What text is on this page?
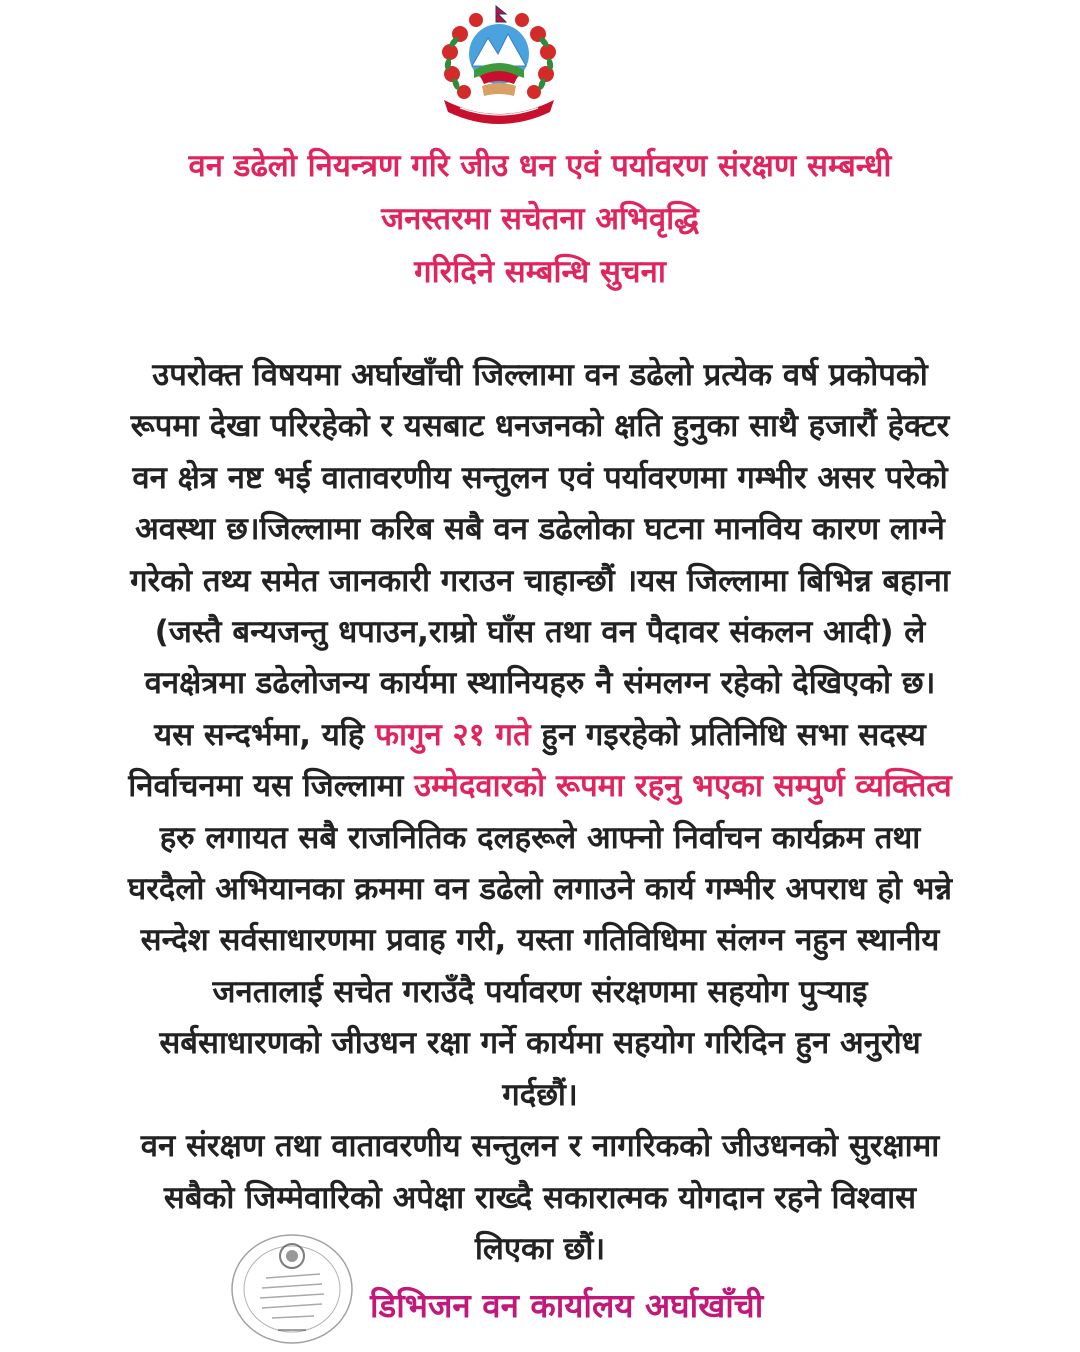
वन डढेलो नियन्त्रण गरि जीउ धन एवं पर्यावरण संरक्षण सम्बन्धी
जनस्तरमा सचेतना अभिवृद्धि
गरिदिने सम्बन्धि सुचना
उपरोक्त विषयमा अर्घाखाँची जिल्लामा वन डढेलो प्रत्येक वर्ष प्रकोपको
रूपमा देखा परिरहेको र यसबाट धनजनको क्षति हुनुका साथै हजारौं हेक्टर
वन क्षेत्र नष्ट भई वातावरणीय सन्तुलन एवं पर्यावरणमा गम्भीर असर परेको
अवस्था छ।जिल्लामा करिब सबै वन डढेलोका घटना मानविय कारण लाग्ने
गरेको तथ्य समेत जानकारी गराउन चाहान्छौं ।यस जिल्लामा बिभिन्न बहाना
(जस्तै बन्यजन्तु धपाउन,राम्रो घाँस तथा वन पैदावर संकलन आदी) ले
वनक्षेत्रमा डढेलोजन्य कार्यमा स्थानियहरु नै संमलग्न रहेको देखिएको छ।
यस सन्दर्भमा, यहि फागुन २१ गते हुन गइरहेको प्रतिनिधि सभा सदस्य
निर्वाचनमा यस जिल्लामा उम्मेदवारको रूपमा रहनु भएका सम्पुर्ण व्यक्तित्व
हरु लगायत सबै राजनितिक दलहरूले आफ्नो निर्वाचन कार्यक्रम तथा
घरदैलो अभियानका क्रममा वन डढेलो लगाउने कार्य गम्भीर अपराध हो भन्ने
सन्देश सर्वसाधारणमा प्रवाह गरी, यस्ता गतिविधिमा संलग्न नहुन स्थानीय
जनतालाई सचेत गराउँदै पर्यावरण संरक्षणमा सहयोग पुऱ्याइ
सर्बसाधारणको जीउधन रक्षा गर्ने कार्यमा सहयोग गरिदिन हुन अनुरोध
गर्दछौं।
वन संरक्षण तथा वातावरणीय सन्तुलन र नागरिकको जीउधनको सुरक्षामा
सबैको जिम्मेवारिको अपेक्षा राख्दै सकारात्मक योगदान रहने विश्वास
लिएका छौं।
डिभिजन वन कार्यालय अर्घाखाँची
